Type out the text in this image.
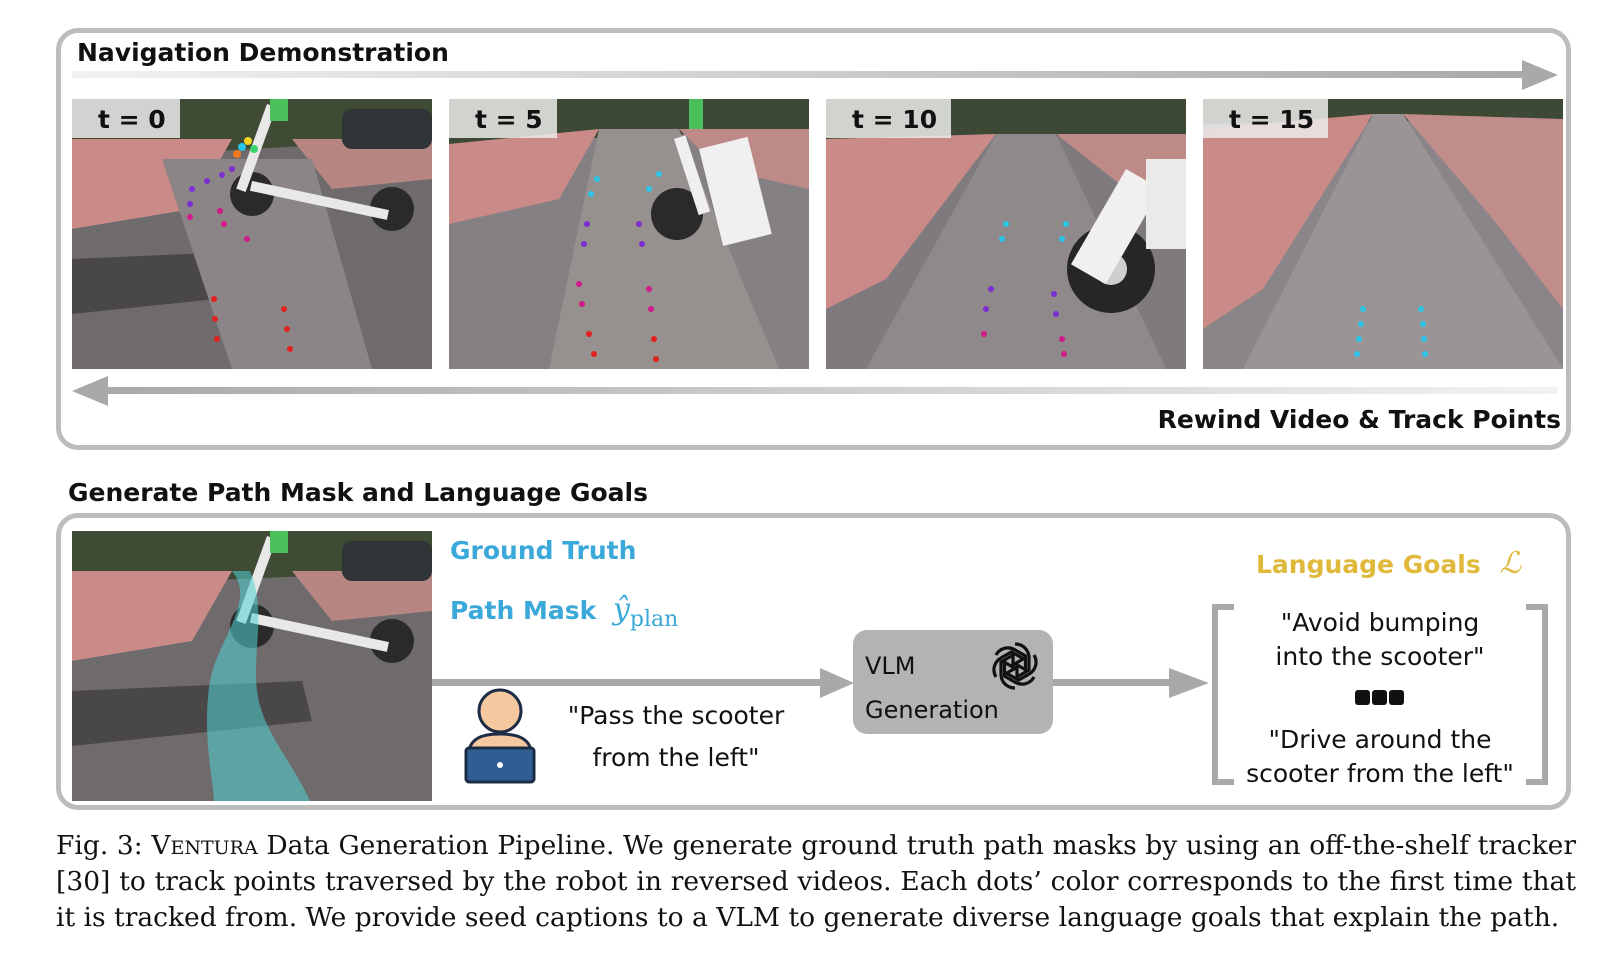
Navigation Demonstration
t = 0	t = 5	t = 10	t = 15
Rewind Video & Track Points
Generate Path Mask and Language Goals
Ground Truth
Path Mask $ŷ_{plan}$
"Pass the scooter
from the left"
VLM
Generation
Language Goals ℒ
"Avoid bumping
into the scooter"
"Drive around the
scooter from the left"
Fig. 3: Ventura Data Generation Pipeline. We generate ground truth path masks by using an off-the-shelf tracker [30] to track points traversed by the robot in reversed videos. Each dots’ color corresponds to the first time that it is tracked from. We provide seed captions to a VLM to generate diverse language goals that explain the path.
